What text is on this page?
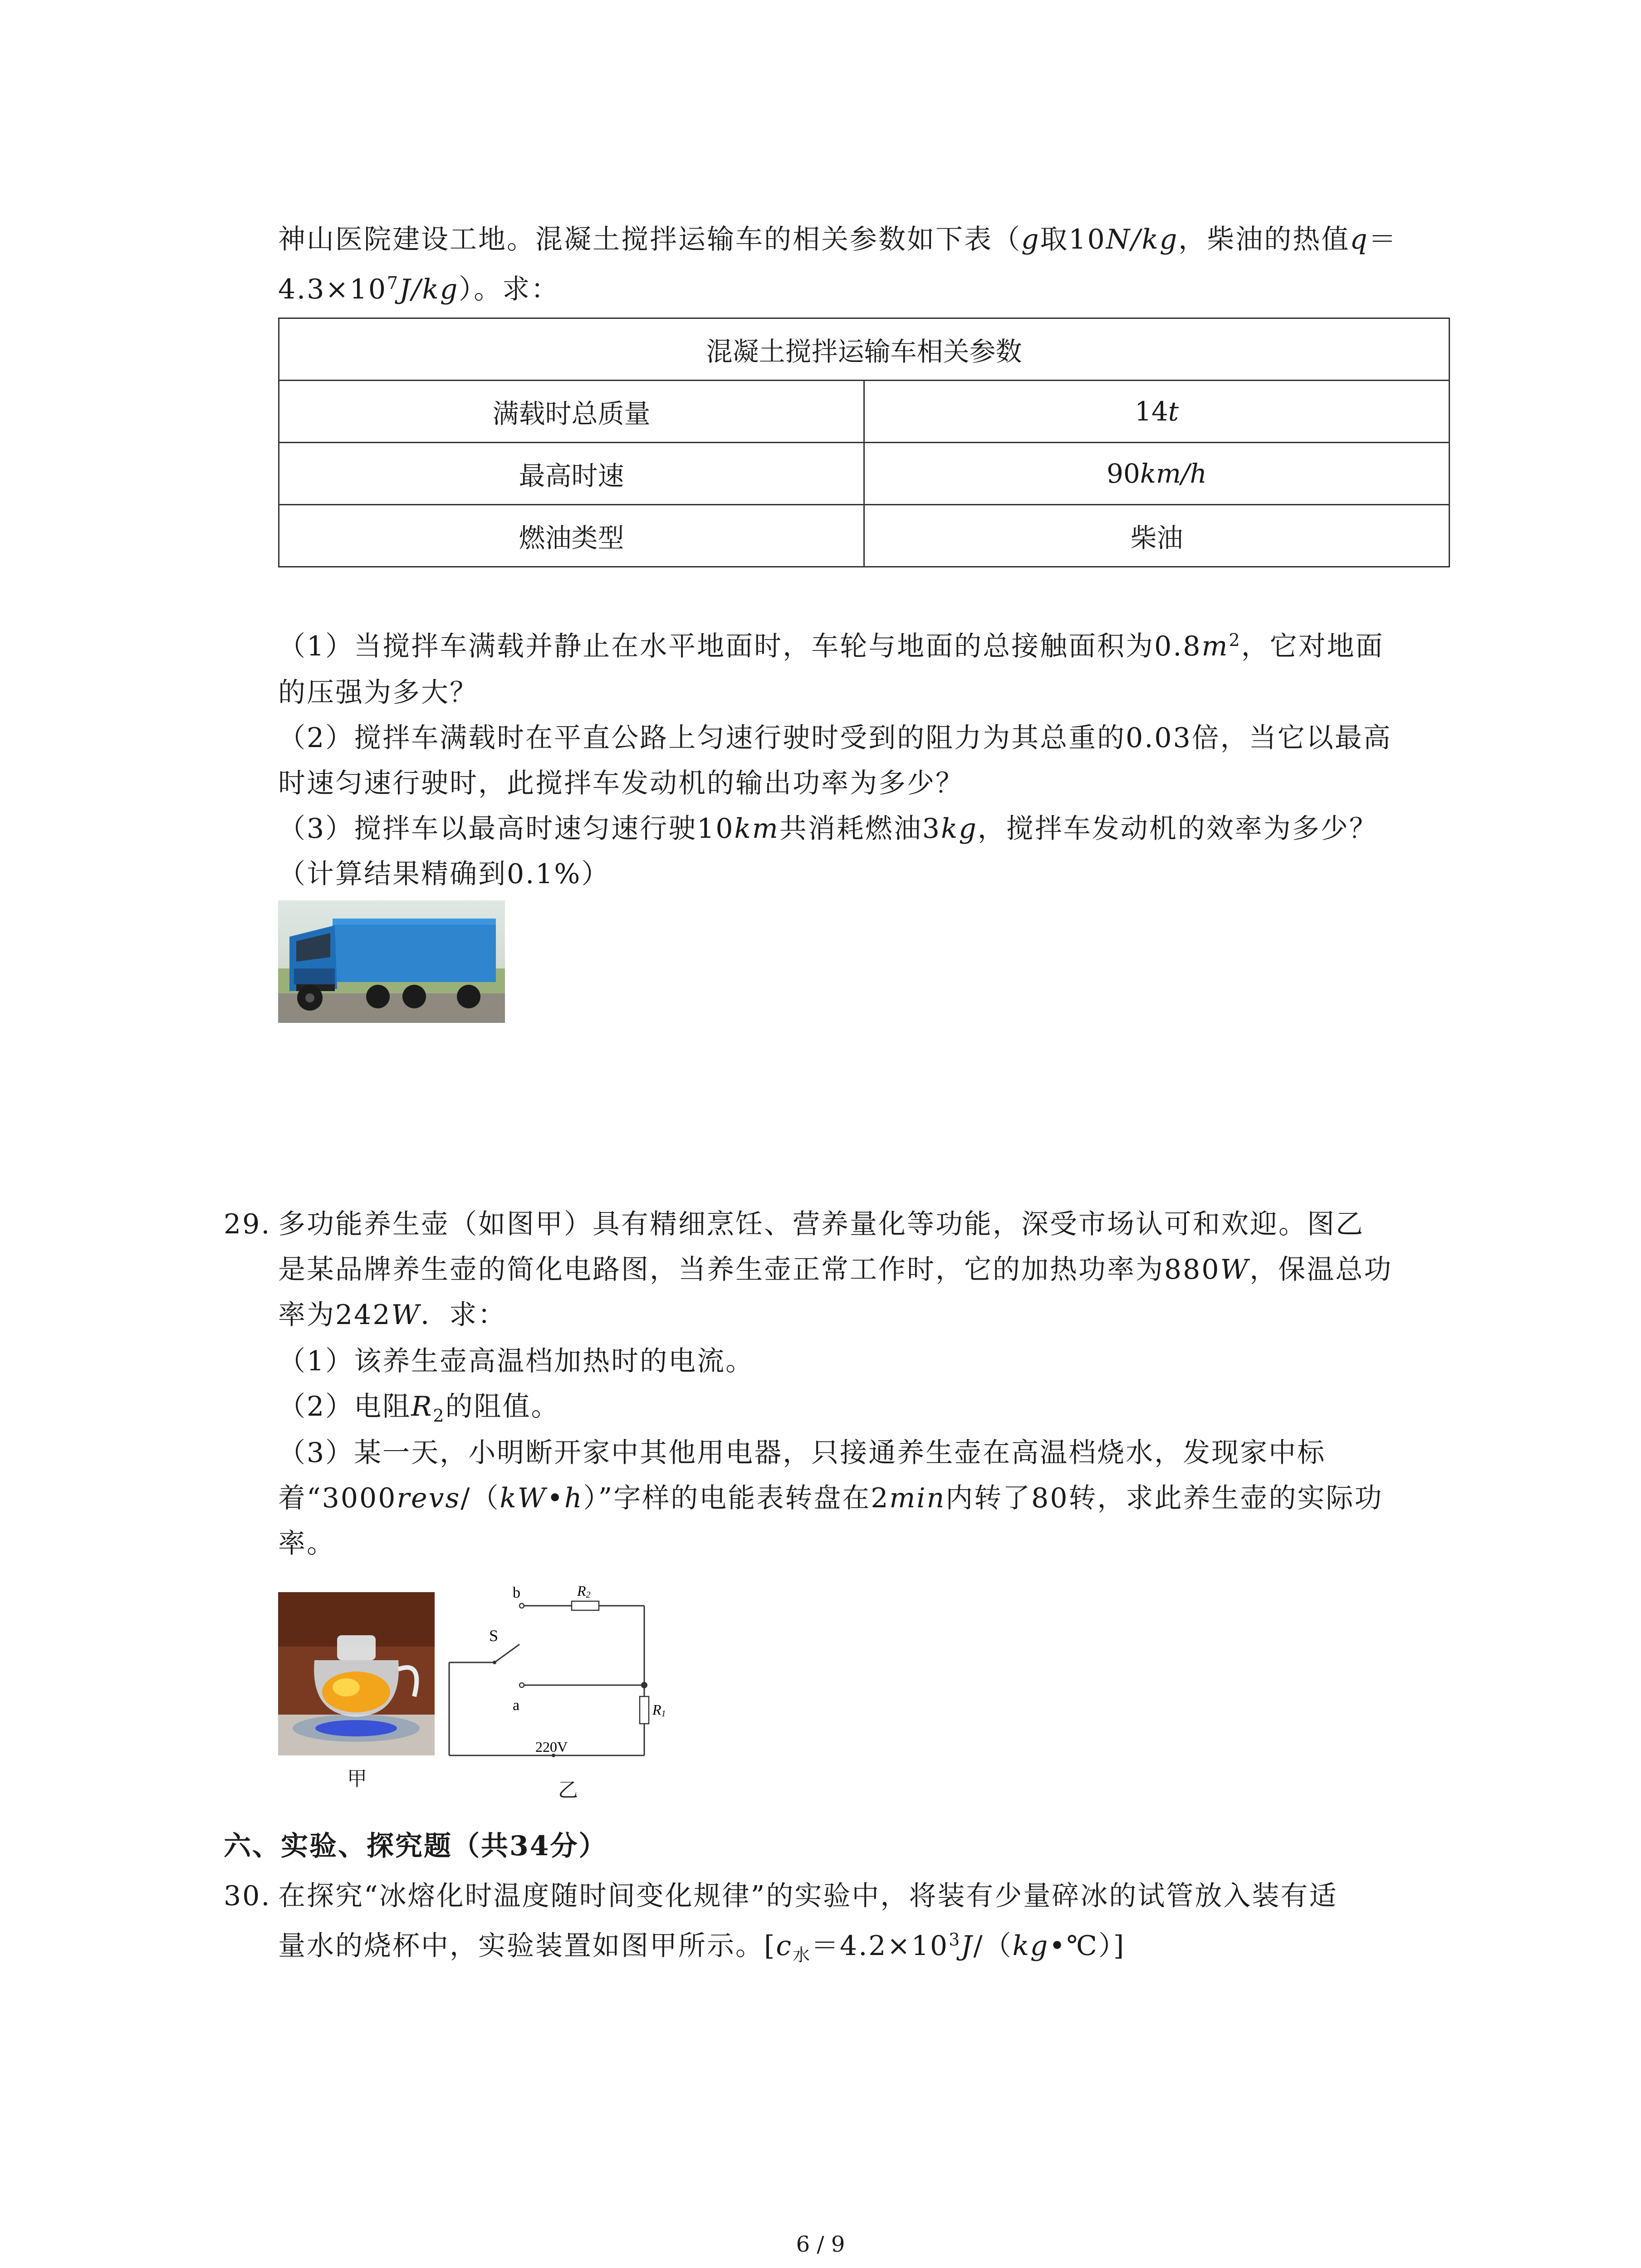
神山医院建设工地。混凝土搅拌运输车的相关参数如下表（g取10N/kg，柴油的热值q＝
$4.3\times 10^7J/kg$）。求：
混凝土搅拌运输车相关参数	
满载时总质量	14t
最高时速	90km/h
燃油类型	柴油
（1）当搅拌车满载并静止在水平地面时，车轮与地面的总接触面积为$0.8m^2$，它对地面
的压强为多大？
（2）搅拌车满载时在平直公路上匀速行驶时受到的阻力为其总重的0.03倍，当它以最高
时速匀速行驶时，此搅拌车发动机的输出功率为多少？
（3）搅拌车以最高时速匀速行驶10km共消耗燃油3kg，搅拌车发动机的效率为多少？
（计算结果精确到0.1%）
29. 多功能养生壶（如图甲）具有精细烹饪、营养量化等功能，深受市场认可和欢迎。图乙
是某品牌养生壶的简化电路图，当养生壶正常工作时，它的加热功率为880W，保温总功
率为242W．求：
（1）该养生壶高温档加热时的电流。
（2）电阻$R_2$的阻值。
（3）某一天，小明断开家中其他用电器，只接通养生壶在高温档烧水，发现家中标
着“3000revs/（kW•h）”字样的电能表转盘在2min内转了80转，求此养生壶的实际功
率。
甲
b
a
S
R2
R1
220V
乙
六、实验、探究题（共34分）
30. 在探究“冰熔化时温度随时间变化规律”的实验中，将装有少量碎冰的试管放入装有适
量水的烧杯中，实验装置如图甲所示。$[c_水=4.2\times 10^3J/(kg•℃)]$
6 / 9
